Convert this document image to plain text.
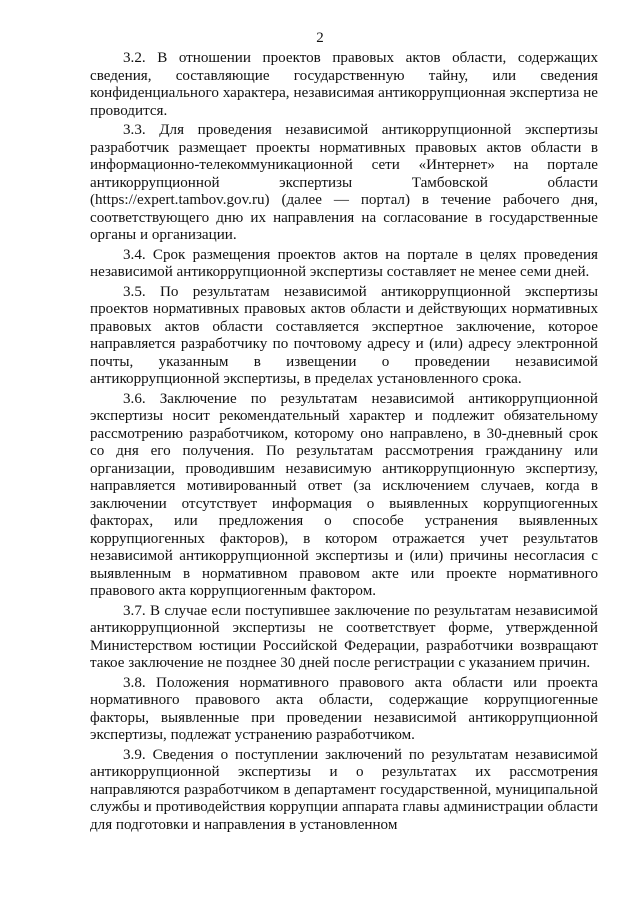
2

3.2. В отношении проектов правовых актов области, содержащих сведения, составляющие государственную тайну, или сведения конфиденциального характера, независимая антикоррупционная экспертиза не проводится.

3.3. Для проведения независимой антикоррупционной экспертизы разработчик размещает проекты нормативных правовых актов области в информационно-телекоммуникационной сети «Интернет» на портале антикоррупционной экспертизы Тамбовской области (https://expert.tambov.gov.ru) (далее — портал) в течение рабочего дня, соответствующего дню их направления на согласование в государственные органы и организации.

3.4. Срок размещения проектов актов на портале в целях проведения независимой антикоррупционной экспертизы составляет не менее семи дней.

3.5. По результатам независимой антикоррупционной экспертизы проектов нормативных правовых актов области и действующих нормативных правовых актов области составляется экспертное заключение, которое направляется разработчику по почтовому адресу и (или) адресу электронной почты, указанным в извещении о проведении независимой антикоррупционной экспертизы, в пределах установленного срока.

3.6. Заключение по результатам независимой антикоррупционной экспертизы носит рекомендательный характер и подлежит обязательному рассмотрению разработчиком, которому оно направлено, в 30-дневный срок со дня его получения. По результатам рассмотрения гражданину или организации, проводившим независимую антикоррупционную экспертизу, направляется мотивированный ответ (за исключением случаев, когда в заключении отсутствует информация о выявленных коррупциогенных факторах, или предложения о способе устранения выявленных коррупциогенных факторов), в котором отражается учет результатов независимой антикоррупционной экспертизы и (или) причины несогласия с выявленным в нормативном правовом акте или проекте нормативного правового акта коррупциогенным фактором.

3.7. В случае если поступившее заключение по результатам независимой антикоррупционной экспертизы не соответствует форме, утвержденной Министерством юстиции Российской Федерации, разработчики возвращают такое заключение не позднее 30 дней после регистрации с указанием причин.

3.8. Положения нормативного правового акта области или проекта нормативного правового акта области, содержащие коррупциогенные факторы, выявленные при проведении независимой антикоррупционной экспертизы, подлежат устранению разработчиком.

3.9. Сведения о поступлении заключений по результатам независимой антикоррупционной экспертизы и о результатах их рассмотрения направляются разработчиком в департамент государственной, муниципальной службы и противодействия коррупции аппарата главы администрации области для подготовки и направления в установленном
